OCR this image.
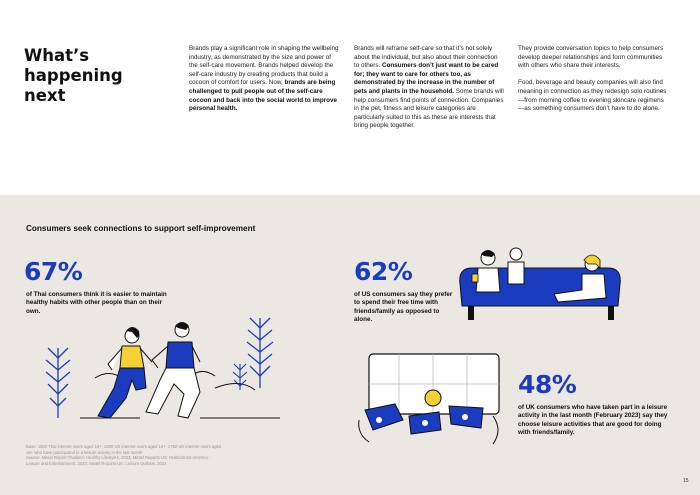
What’s
happening
next

Brands play a significant role in shaping the wellbeing industry, as demonstrated by the size and power of the self-care movement. Brands helped develop the self-care industry by creating products that build a cocoon of comfort for users. Now, brands are being challenged to pull people out of the self-care cocoon and back into the social world to improve personal health.

Brands will reframe self-care so that it’s not solely about the individual, but also about their connection to others. Consumers don’t just want to be cared for; they want to care for others too, as demonstrated by the increase in the number of pets and plants in the household. Some brands will help consumers find points of connection. Companies in the pet, fitness and leisure categories are particularly suited to this as these are interests that bring people together.

They provide conversation topics to help consumers develop deeper relationships and form communities with others who share their interests.

Food, beverage and beauty companies will also find meaning in connection as they redesign solo routines—from morning coffee to evening skincare regimens—as something consumers don’t have to do alone.

Consumers seek connections to support self-improvement
67%
of Thai consumers think it is easier to maintain healthy habits with other people than on their own.
62%
of US consumers say they prefer to spend their free time with friends/family as opposed to alone.
48%
of UK consumers who have taken part in a leisure activity in the last month (February 2023) say they choose leisure activities that are good for doing with friends/family.
Base: 1500 Thai internet users aged 18+; 2000 US internet users aged 18+; 1782 UK internet users aged
16+ who have participated in a leisure activity in the last month
Source: Mintel Report Thailand: Healthy Lifestyles, 2023; Mintel Reports US: Multicultural America -
Leisure and Entertainment, 2023; Mintel Reports UK: Leisure Outlook, 2023
15
